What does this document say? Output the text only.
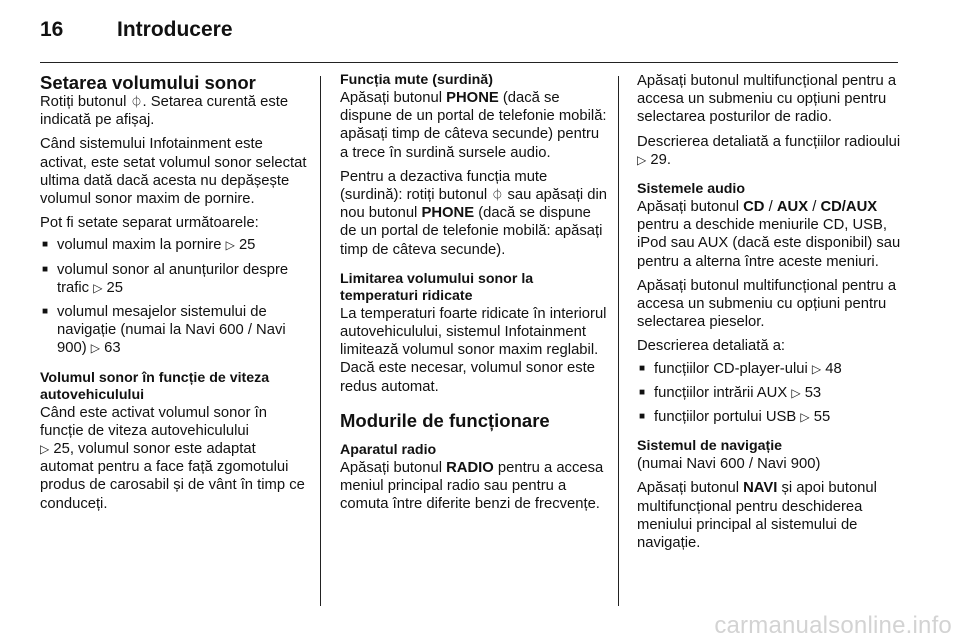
16	Introducere
Setarea volumului sonor

Rotiți butonul ⏀. Setarea curentă este indicată pe afișaj.

Când sistemului Infotainment este activat, este setat volumul sonor selectat ultima dată dacă acesta nu depășește volumul sonor maxim de pornire.

Pot fi setate separat următoarele:

■ volumul maxim la pornire ▷ 25
■ volumul sonor al anunțurilor despre trafic ▷ 25
■ volumul mesajelor sistemului de navigație (numai la Navi 600 / Navi 900) ▷ 63
Volumul sonor în funcție de viteza autovehiculului

Când este activat volumul sonor în funcție de viteza autovehiculului
▷ 25, volumul sonor este adaptat automat pentru a face față zgomotului produs de carosabil și de vânt în timp ce conduceți.

Funcția mute (surdină)

Apăsați butonul PHONE (dacă se dispune de un portal de telefonie mobilă: apăsați timp de câteva secunde) pentru a trece în surdină sursele audio.

Pentru a dezactiva funcția mute (surdină): rotiți butonul ⏀ sau apăsați din nou butonul PHONE (dacă se dispune de un portal de telefonie mobilă: apăsați timp de câteva secunde).

Limitarea volumului sonor la temperaturi ridicate

La temperaturi foarte ridicate în interiorul autovehiculului, sistemul Infotainment limitează volumul sonor maxim reglabil. Dacă este necesar, volumul sonor este redus automat.

Modurile de funcționare
Aparatul radio

Apăsați butonul RADIO pentru a accesa meniul principal radio sau pentru a comuta între diferite benzi de frecvențe.

Apăsați butonul multifuncțional pentru a accesa un submeniu cu opțiuni pentru selectarea posturilor de radio.

Descrierea detaliată a funcțiilor radioului ▷ 29.

Sistemele audio

Apăsați butonul CD / AUX / CD/AUX pentru a deschide meniurile CD, USB, iPod sau AUX (dacă este disponibil) sau pentru a alterna între aceste meniuri.

Apăsați butonul multifuncțional pentru a accesa un submeniu cu opțiuni pentru selectarea pieselor.

Descrierea detaliată a:

■ funcțiilor CD-player-ului ▷ 48
■ funcțiilor intrării AUX ▷ 53
■ funcțiilor portului USB ▷ 55
Sistemul de navigație

(numai Navi 600 / Navi 900)

Apăsați butonul NAVI și apoi butonul multifuncțional pentru deschiderea meniului principal al sistemului de navigație.

carmanualsonline.info
